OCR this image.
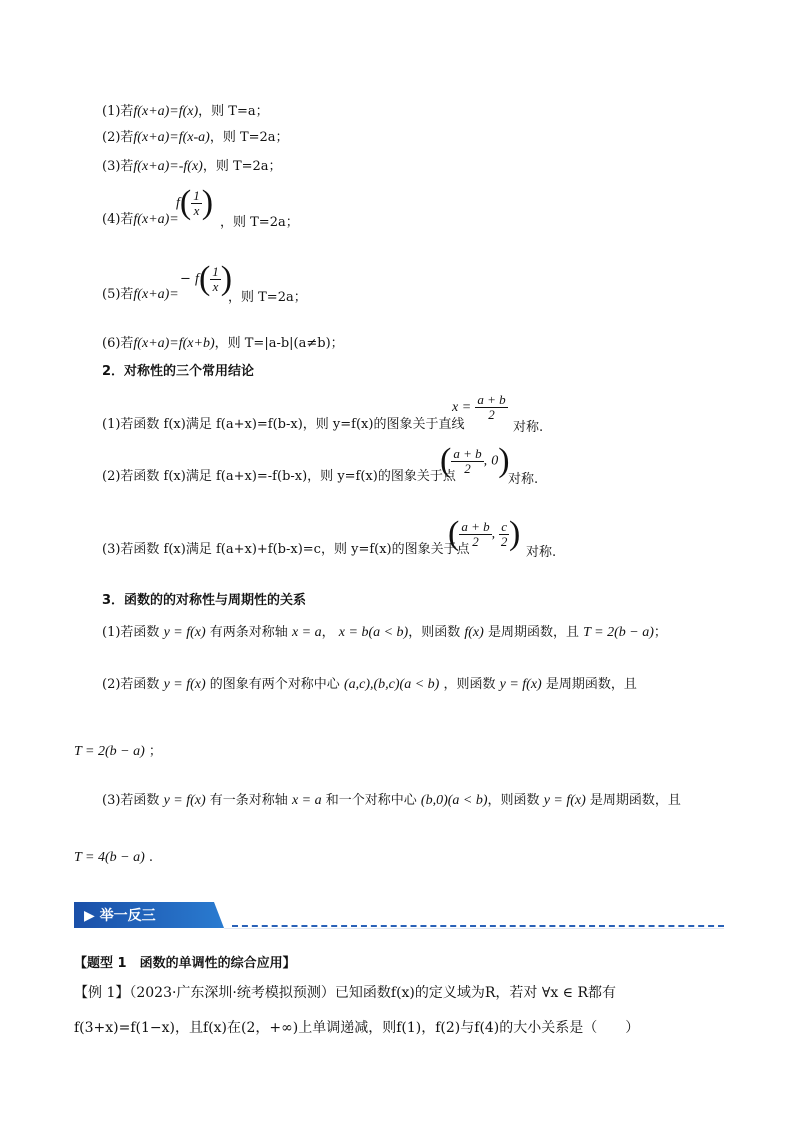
(1)若f(x+a)=f(x)，则 T=a；
(2)若f(x+a)=f(x-a)，则 T=2a；
(3)若f(x+a)=-f(x)，则 T=2a；
(4)若f(x+a)=
$f( \frac{1}{x}$ )
，则 T=2a；
(5)若f(x+a)=
− $f( \frac{1}{x}$ )
，则 T=2a；
(6)若f(x+a)=f(x+b)，则 T=|a-b|(a≠b)；
2．对称性的三个常用结论
(1)若函数 f(x)满足 f(a+x)=f(b-x)，则 y=f(x)的图象关于直线
$x = \frac{a + b}{2}$
对称.
(2)若函数 f(x)满足 f(a+x)=-f(b-x)，则 y=f(x)的图象关于点
( $\frac{a + b}{2}$ , 0)
对称.
(3)若函数 f(x)满足 f(a+x)+f(b-x)=c，则 y=f(x)的图象关于点
( $\frac{a + b}{2}$ , $\frac{c}{2}$ )
对称.
3．函数的的对称性与周期性的关系
(1)若函数 y = f(x) 有两条对称轴 x = a， x = b(a < b)，则函数 f(x) 是周期函数，且 T = 2(b − a)；
(2)若函数 y = f(x) 的图象有两个对称中心 (a,c),(b,c)(a < b) ，则函数 y = f(x) 是周期函数，且
T = 2(b − a) ；
(3)若函数 y = f(x) 有一条对称轴 x = a 和一个对称中心 (b,0)(a < b)，则函数 y = f(x) 是周期函数，且
T = 4(b − a) .
▶ 举一反三
【题型 1　函数的单调性的综合应用】
【例 1】（2023·广东深圳·统考模拟预测）已知函数f(x)的定义域为R，若对 ∀x ∈ R都有
f(3+x)=f(1−x)，且f(x)在(2，+∞)上单调递减，则f(1)，f(2)与f(4)的大小关系是（　　）
